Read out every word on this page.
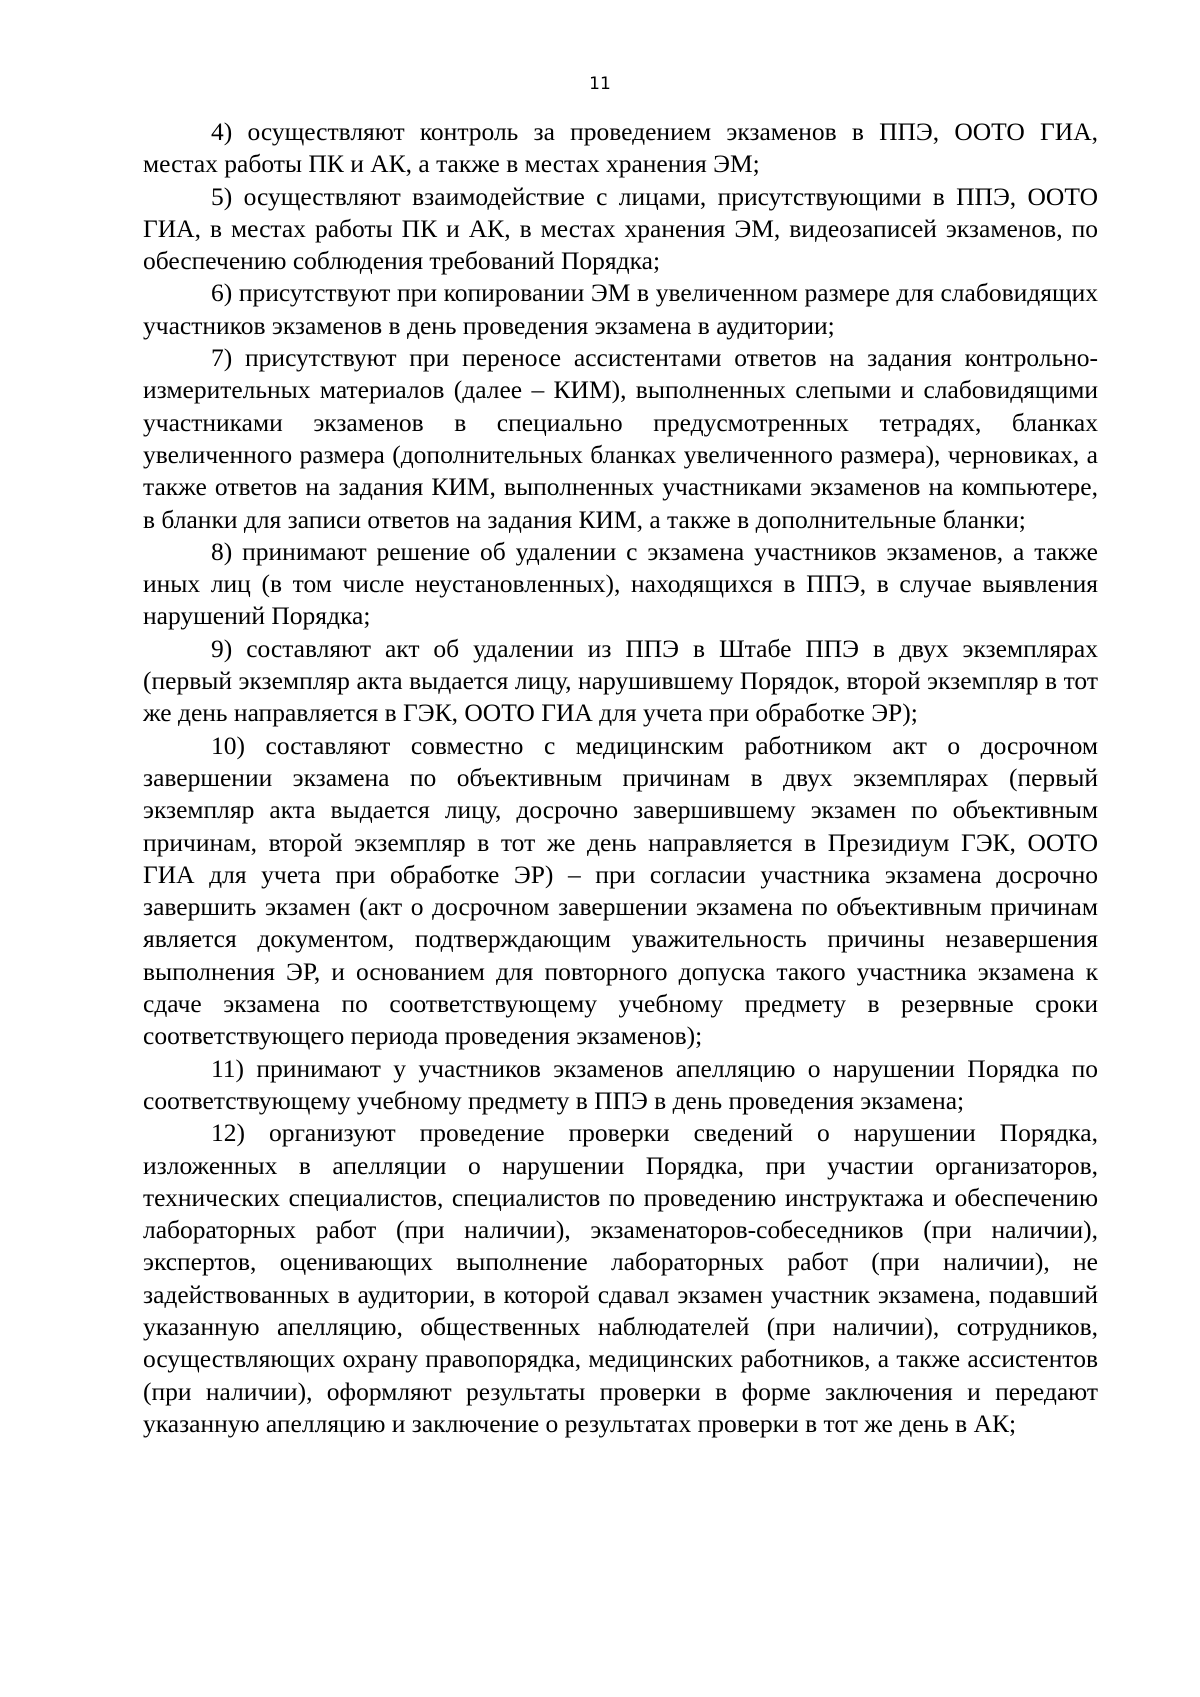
11

4) осуществляют контроль за проведением экзаменов в ППЭ, ООТО ГИА, местах работы ПК и АК, а также в местах хранения ЭМ;

5) осуществляют взаимодействие с лицами, присутствующими в ППЭ, ООТО ГИА, в местах работы ПК и АК, в местах хранения ЭМ, видеозаписей экзаменов, по обеспечению соблюдения требований Порядка;

6) присутствуют при копировании ЭМ в увеличенном размере для слабовидящих участников экзаменов в день проведения экзамена в аудитории;

7) присутствуют при переносе ассистентами ответов на задания контрольно-измерительных материалов (далее – КИМ), выполненных слепыми и слабовидящими участниками экзаменов в специально предусмотренных тетрадях, бланках увеличенного размера (дополнительных бланках увеличенного размера), черновиках, а также ответов на задания КИМ, выполненных участниками экзаменов на компьютере, в бланки для записи ответов на задания КИМ, а также в дополнительные бланки;

8) принимают решение об удалении с экзамена участников экзаменов, а также иных лиц (в том числе неустановленных), находящихся в ППЭ, в случае выявления нарушений Порядка;

9) составляют акт об удалении из ППЭ в Штабе ППЭ в двух экземплярах (первый экземпляр акта выдается лицу, нарушившему Порядок, второй экземпляр в тот же день направляется в ГЭК, ООТО ГИА для учета при обработке ЭР);

10) составляют совместно с медицинским работником акт о досрочном завершении экзамена по объективным причинам в двух экземплярах (первый экземпляр акта выдается лицу, досрочно завершившему экзамен по объективным причинам, второй экземпляр в тот же день направляется в Президиум ГЭК, ООТО ГИА для учета при обработке ЭР) – при согласии участника экзамена досрочно завершить экзамен (акт о досрочном завершении экзамена по объективным причинам является документом, подтверждающим уважительность причины незавершения выполнения ЭР, и основанием для повторного допуска такого участника экзамена к сдаче экзамена по соответствующему учебному предмету в резервные сроки соответствующего периода проведения экзаменов);

11) принимают у участников экзаменов апелляцию о нарушении Порядка по соответствующему учебному предмету в ППЭ в день проведения экзамена;

12) организуют проведение проверки сведений о нарушении Порядка, изложенных в апелляции о нарушении Порядка, при участии организаторов, технических специалистов, специалистов по проведению инструктажа и обеспечению лабораторных работ (при наличии), экзаменаторов-собеседников (при наличии), экспертов, оценивающих выполнение лабораторных работ (при наличии), не задействованных в аудитории, в которой сдавал экзамен участник экзамена, подавший указанную апелляцию, общественных наблюдателей (при наличии), сотрудников, осуществляющих охрану правопорядка, медицинских работников, а также ассистентов (при наличии), оформляют результаты проверки в форме заключения и передают указанную апелляцию и заключение о результатах проверки в тот же день в АК;
